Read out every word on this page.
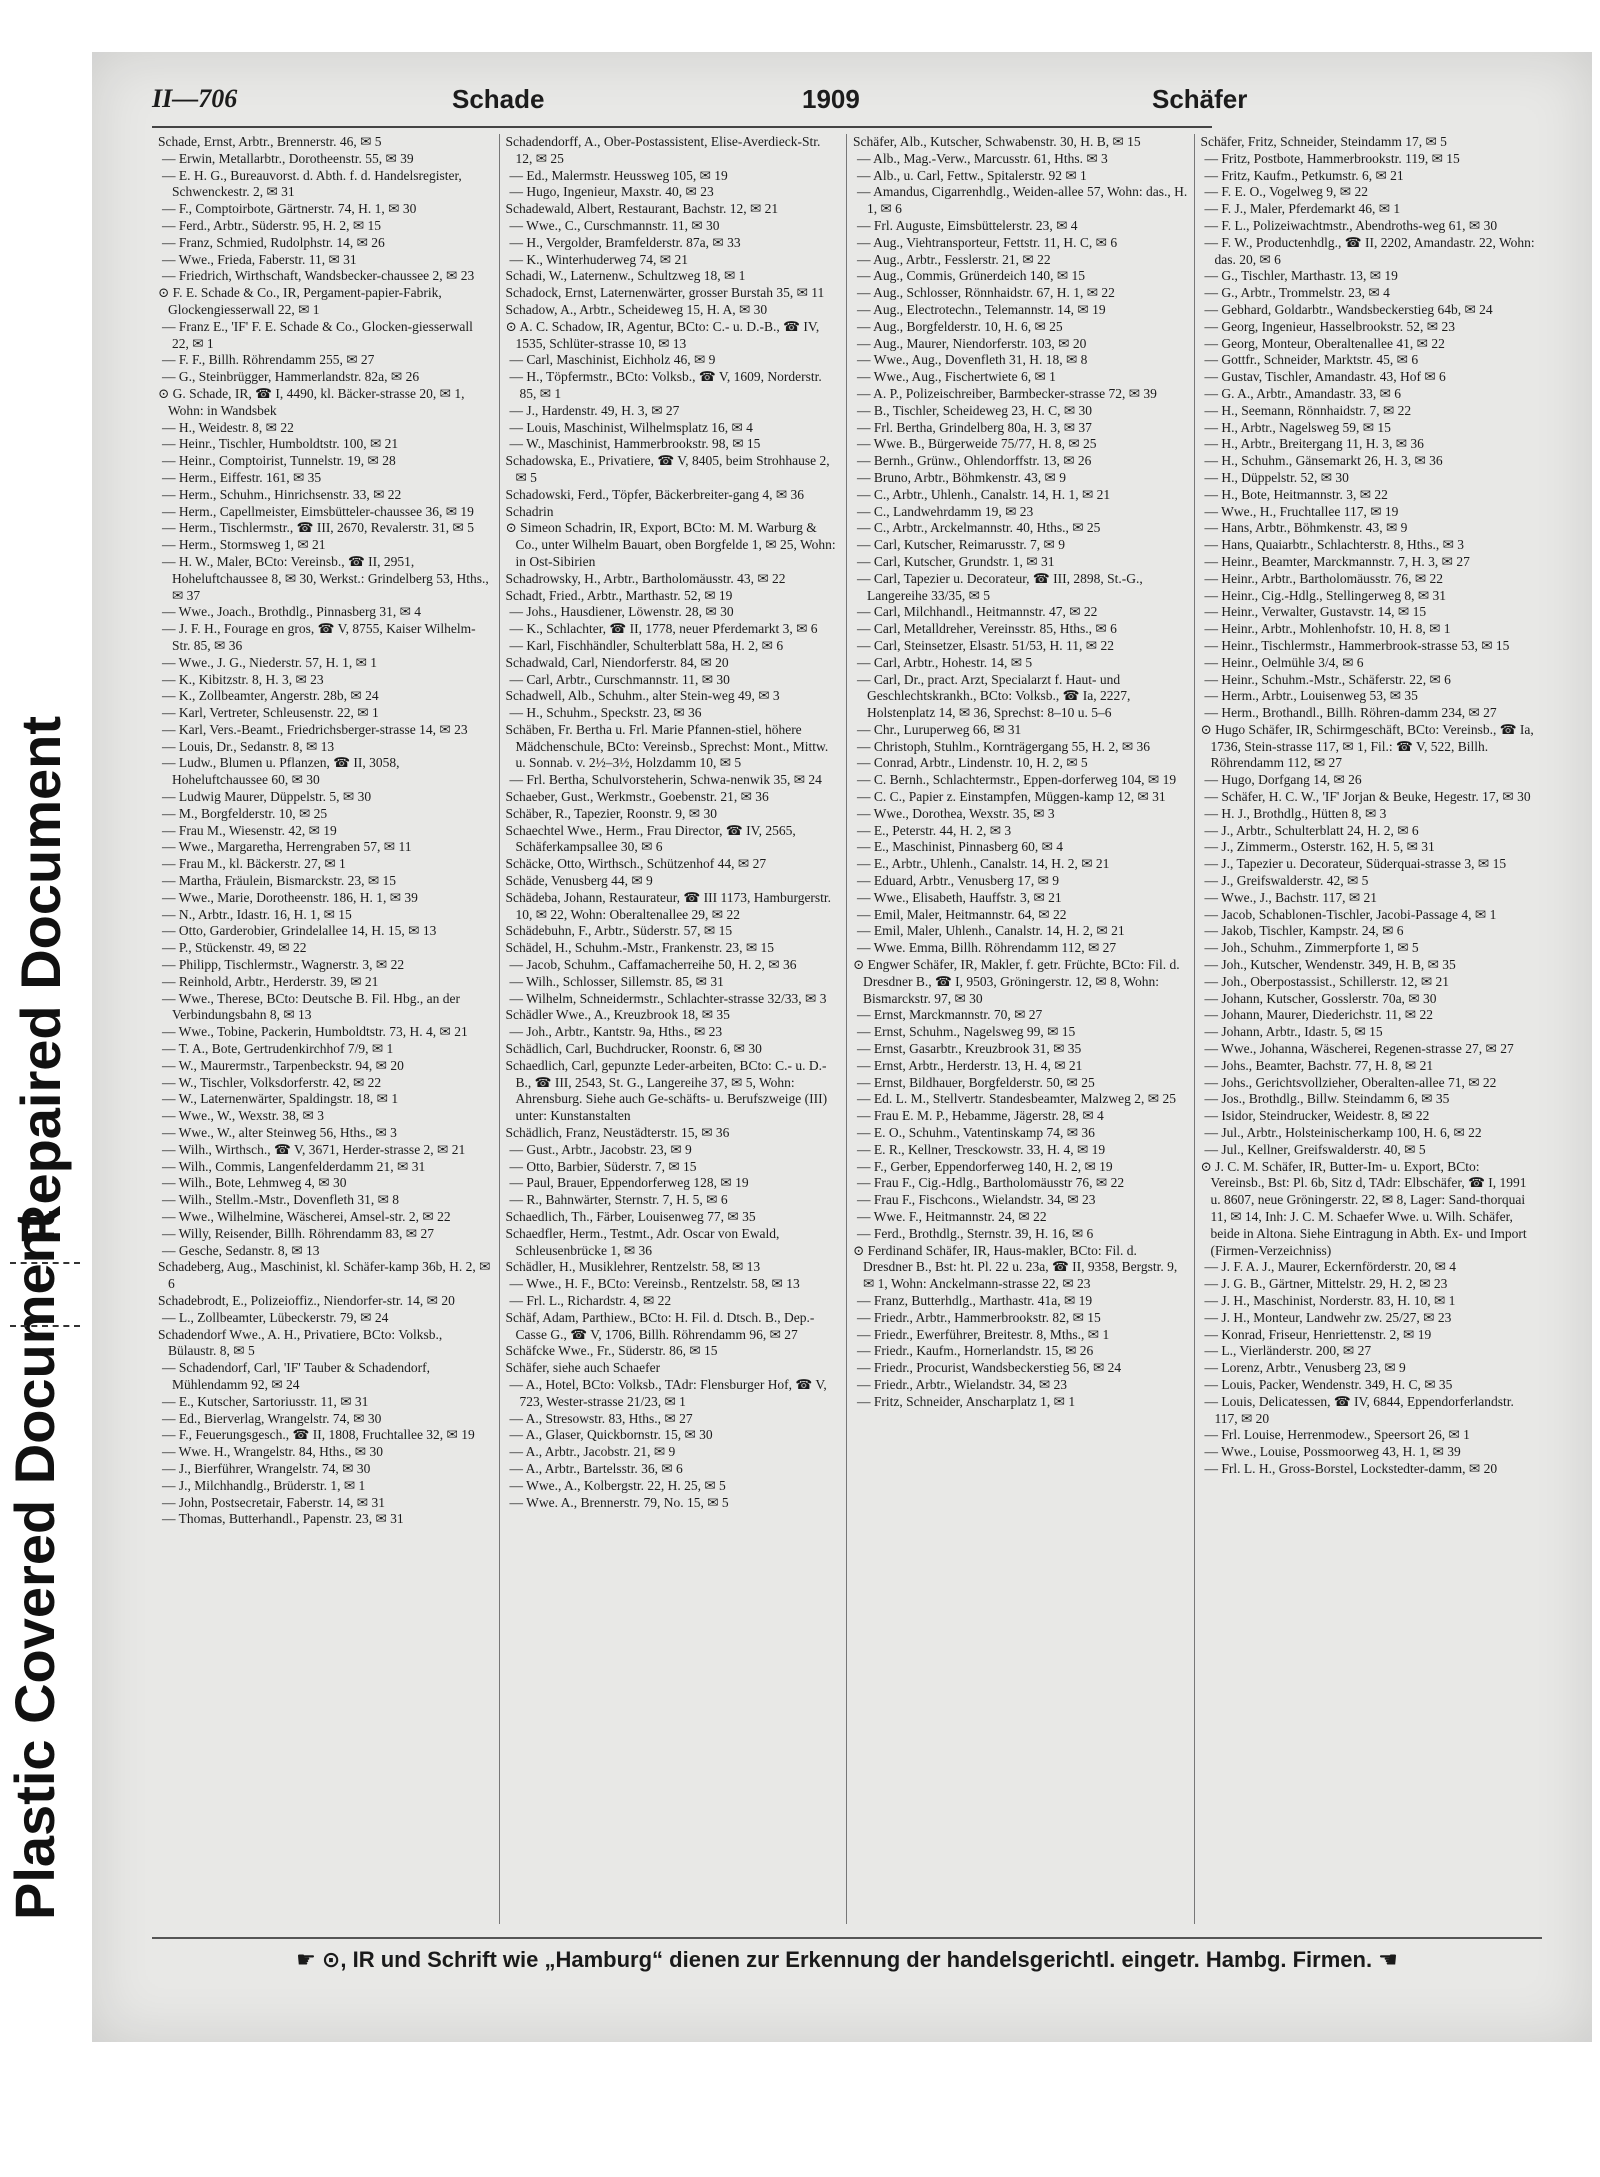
Plastic Covered Document
Repaired Document
II—706	Schade	1909	Schäfer

Schade, Ernst, Arbtr., Brennerstr. 46, ✉ 5

— Erwin, Metallarbtr., Dorotheenstr. 55, ✉ 39

— E. H. G., Bureauvorst. d. Abth. f. d. Handelsregister, Schwenckestr. 2, ✉ 31

— F., Comptoirbote, Gärtnerstr. 74, H. 1, ✉ 30

— Ferd., Arbtr., Süderstr. 95, H. 2, ✉ 15

— Franz, Schmied, Rudolphstr. 14, ✉ 26

— Wwe., Frieda, Faberstr. 11, ✉ 31

— Friedrich, Wirthschaft, Wandsbecker-chaussee 2, ✉ 23

⊙ F. E. Schade & Co., IR, Pergament-papier-Fabrik, Glockengiesserwall 22, ✉ 1

— Franz E., 'IF' F. E. Schade & Co., Glocken-giesserwall 22, ✉ 1

— F. F., Billh. Röhrendamm 255, ✉ 27

— G., Steinbrügger, Hammerlandstr. 82a, ✉ 26

⊙ G. Schade, IR, ☎ I, 4490, kl. Bäcker-strasse 20, ✉ 1, Wohn: in Wandsbek

— H., Weidestr. 8, ✉ 22

— Heinr., Tischler, Humboldtstr. 100, ✉ 21

— Heinr., Comptoirist, Tunnelstr. 19, ✉ 28

— Herm., Eiffestr. 161, ✉ 35

— Herm., Schuhm., Hinrichsenstr. 33, ✉ 22

— Herm., Capellmeister, Eimsbütteler-chaussee 36, ✉ 19

— Herm., Tischlermstr., ☎ III, 2670, Revalerstr. 31, ✉ 5

— Herm., Stormsweg 1, ✉ 21

— H. W., Maler, BCto: Vereinsb., ☎ II, 2951, Hoheluftchaussee 8, ✉ 30, Werkst.: Grindelberg 53, Hths., ✉ 37

— Wwe., Joach., Brothdlg., Pinnasberg 31, ✉ 4

— J. F. H., Fourage en gros, ☎ V, 8755, Kaiser Wilhelm-Str. 85, ✉ 36

— Wwe., J. G., Niederstr. 57, H. 1, ✉ 1

— K., Kibitzstr. 8, H. 3, ✉ 23

— K., Zollbeamter, Angerstr. 28b, ✉ 24

— Karl, Vertreter, Schleusenstr. 22, ✉ 1

— Karl, Vers.-Beamt., Friedrichsberger-strasse 14, ✉ 23

— Louis, Dr., Sedanstr. 8, ✉ 13

— Ludw., Blumen u. Pflanzen, ☎ II, 3058, Hoheluftchaussee 60, ✉ 30

— Ludwig Maurer, Düppelstr. 5, ✉ 30

— M., Borgfelderstr. 10, ✉ 25

— Frau M., Wiesenstr. 42, ✉ 19

— Wwe., Margaretha, Herrengraben 57, ✉ 11

— Frau M., kl. Bäckerstr. 27, ✉ 1

— Martha, Fräulein, Bismarckstr. 23, ✉ 15

— Wwe., Marie, Dorotheenstr. 186, H. 1, ✉ 39

— N., Arbtr., Idastr. 16, H. 1, ✉ 15

— Otto, Garderobier, Grindelallee 14, H. 15, ✉ 13

— P., Stückenstr. 49, ✉ 22

— Philipp, Tischlermstr., Wagnerstr. 3, ✉ 22

— Reinhold, Arbtr., Herderstr. 39, ✉ 21

— Wwe., Therese, BCto: Deutsche B. Fil. Hbg., an der Verbindungsbahn 8, ✉ 13

— Wwe., Tobine, Packerin, Humboldtstr. 73, H. 4, ✉ 21

— T. A., Bote, Gertrudenkirchhof 7/9, ✉ 1

— W., Maurermstr., Tarpenbeckstr. 94, ✉ 20

— W., Tischler, Volksdorferstr. 42, ✉ 22

— W., Laternenwärter, Spaldingstr. 18, ✉ 1

— Wwe., W., Wexstr. 38, ✉ 3

— Wwe., W., alter Steinweg 56, Hths., ✉ 3

— Wilh., Wirthsch., ☎ V, 3671, Herder-strasse 2, ✉ 21

— Wilh., Commis, Langenfelderdamm 21, ✉ 31

— Wilh., Bote, Lehmweg 4, ✉ 30

— Wilh., Stellm.-Mstr., Dovenfleth 31, ✉ 8

— Wwe., Wilhelmine, Wäscherei, Amsel-str. 2, ✉ 22

— Willy, Reisender, Billh. Röhrendamm 83, ✉ 27

— Gesche, Sedanstr. 8, ✉ 13

Schadeberg, Aug., Maschinist, kl. Schäfer-kamp 36b, H. 2, ✉ 6

Schadebrodt, E., Polizeioffiz., Niendorfer-str. 14, ✉ 20

— L., Zollbeamter, Lübeckerstr. 79, ✉ 24

Schadendorf Wwe., A. H., Privatiere, BCto: Volksb., Bülaustr. 8, ✉ 5

— Schadendorf, Carl, 'IF' Tauber & Schadendorf, Mühlendamm 92, ✉ 24

— E., Kutscher, Sartoriusstr. 11, ✉ 31

— Ed., Bierverlag, Wrangelstr. 74, ✉ 30

— F., Feuerungsgesch., ☎ II, 1808, Fruchtallee 32, ✉ 19

— Wwe. H., Wrangelstr. 84, Hths., ✉ 30

— J., Bierführer, Wrangelstr. 74, ✉ 30

— J., Milchhandlg., Brüderstr. 1, ✉ 1

— John, Postsecretair, Faberstr. 14, ✉ 31

— Thomas, Butterhandl., Papenstr. 23, ✉ 31

Schadendorff, A., Ober-Postassistent, Elise-Averdieck-Str. 12, ✉ 25

— Ed., Malermstr. Heussweg 105, ✉ 19

— Hugo, Ingenieur, Maxstr. 40, ✉ 23

Schadewald, Albert, Restaurant, Bachstr. 12, ✉ 21

— Wwe., C., Curschmannstr. 11, ✉ 30

— H., Vergolder, Bramfelderstr. 87a, ✉ 33

— K., Winterhuderweg 74, ✉ 21

Schadi, W., Laternenw., Schultzweg 18, ✉ 1

Schadock, Ernst, Laternenwärter, grosser Burstah 35, ✉ 11

Schadow, A., Arbtr., Scheideweg 15, H. A, ✉ 30

⊙ A. C. Schadow, IR, Agentur, BCto: C.- u. D.-B., ☎ IV, 1535, Schlüter-strasse 10, ✉ 13

— Carl, Maschinist, Eichholz 46, ✉ 9

— H., Töpfermstr., BCto: Volksb., ☎ V, 1609, Norderstr. 85, ✉ 1

— J., Hardenstr. 49, H. 3, ✉ 27

— Louis, Maschinist, Wilhelmsplatz 16, ✉ 4

— W., Maschinist, Hammerbrookstr. 98, ✉ 15

Schadowska, E., Privatiere, ☎ V, 8405, beim Strohhause 2, ✉ 5

Schadowski, Ferd., Töpfer, Bäckerbreiter-gang 4, ✉ 36

Schadrin

⊙ Simeon Schadrin, IR, Export, BCto: M. M. Warburg & Co., unter Wilhelm Bauart, oben Borgfelde 1, ✉ 25, Wohn: in Ost-Sibirien

Schadrowsky, H., Arbtr., Bartholomäusstr. 43, ✉ 22

Schadt, Fried., Arbtr., Marthastr. 52, ✉ 19

— Johs., Hausdiener, Löwenstr. 28, ✉ 30

— K., Schlachter, ☎ II, 1778, neuer Pferdemarkt 3, ✉ 6

— Karl, Fischhändler, Schulterblatt 58a, H. 2, ✉ 6

Schadwald, Carl, Niendorferstr. 84, ✉ 20

— Carl, Arbtr., Curschmannstr. 11, ✉ 30

Schadwell, Alb., Schuhm., alter Stein-weg 49, ✉ 3

— H., Schuhm., Speckstr. 23, ✉ 36

Schäben, Fr. Bertha u. Frl. Marie Pfannen-stiel, höhere Mädchenschule, BCto: Vereinsb., Sprechst: Mont., Mittw. u. Sonnab. v. 2½–3½, Holzdamm 10, ✉ 5

— Frl. Bertha, Schulvorsteherin, Schwa-nenwik 35, ✉ 24

Schaeber, Gust., Werkmstr., Goebenstr. 21, ✉ 36

Schäber, R., Tapezier, Roonstr. 9, ✉ 30

Schaechtel Wwe., Herm., Frau Director, ☎ IV, 2565, Schäferkampsallee 30, ✉ 6

Schäcke, Otto, Wirthsch., Schützenhof 44, ✉ 27

Schäde, Venusberg 44, ✉ 9

Schädeba, Johann, Restaurateur, ☎ III 1173, Hamburgerstr. 10, ✉ 22, Wohn: Oberaltenallee 29, ✉ 22

Schädebuhn, F., Arbtr., Süderstr. 57, ✉ 15

Schädel, H., Schuhm.-Mstr., Frankenstr. 23, ✉ 15

— Jacob, Schuhm., Caffamacherreihe 50, H. 2, ✉ 36

— Wilh., Schlosser, Sillemstr. 85, ✉ 31

— Wilhelm, Schneidermstr., Schlachter-strasse 32/33, ✉ 3

Schädler Wwe., A., Kreuzbrook 18, ✉ 35

— Joh., Arbtr., Kantstr. 9a, Hths., ✉ 23

Schädlich, Carl, Buchdrucker, Roonstr. 6, ✉ 30

Schaedlich, Carl, gepunzte Leder-arbeiten, BCto: C.- u. D.-B., ☎ III, 2543, St. G., Langereihe 37, ✉ 5, Wohn: Ahrensburg. Siehe auch Ge-schäfts- u. Berufszweige (III) unter: Kunstanstalten

Schädlich, Franz, Neustädterstr. 15, ✉ 36

— Gust., Arbtr., Jacobstr. 23, ✉ 9

— Otto, Barbier, Süderstr. 7, ✉ 15

— Paul, Brauer, Eppendorferweg 128, ✉ 19

— R., Bahnwärter, Sternstr. 7, H. 5, ✉ 6

Schaedlich, Th., Färber, Louisenweg 77, ✉ 35

Schaedfler, Herm., Testmt., Adr. Oscar von Ewald, Schleusenbrücke 1, ✉ 36

Schädler, H., Musiklehrer, Rentzelstr. 58, ✉ 13

— Wwe., H. F., BCto: Vereinsb., Rentzelstr. 58, ✉ 13

— Frl. L., Richardstr. 4, ✉ 22

Schäf, Adam, Parthiew., BCto: H. Fil. d. Dtsch. B., Dep.-Casse G., ☎ V, 1706, Billh. Röhrendamm 96, ✉ 27

Schäfcke Wwe., Fr., Süderstr. 86, ✉ 15

Schäfer, siehe auch Schaefer

— A., Hotel, BCto: Volksb., TAdr: Flensburger Hof, ☎ V, 723, Wester-strasse 21/23, ✉ 1

— A., Stresowstr. 83, Hths., ✉ 27

— A., Glaser, Quickbornstr. 15, ✉ 30

— A., Arbtr., Jacobstr. 21, ✉ 9

— A., Arbtr., Bartelsstr. 36, ✉ 6

— Wwe., A., Kolbergstr. 22, H. 25, ✉ 5

— Wwe. A., Brennerstr. 79, No. 15, ✉ 5

Schäfer, Alb., Kutscher, Schwabenstr. 30, H. B, ✉ 15

— Alb., Mag.-Verw., Marcusstr. 61, Hths. ✉ 3

— Alb., u. Carl, Fettw., Spitalerstr. 92 ✉ 1

— Amandus, Cigarrenhdlg., Weiden-allee 57, Wohn: das., H. 1, ✉ 6

— Frl. Auguste, Eimsbüttelerstr. 23, ✉ 4

— Aug., Viehtransporteur, Fettstr. 11, H. C, ✉ 6

— Aug., Arbtr., Fesslerstr. 21, ✉ 22

— Aug., Commis, Grünerdeich 140, ✉ 15

— Aug., Schlosser, Rönnhaidstr. 67, H. 1, ✉ 22

— Aug., Electrotechn., Telemannstr. 14, ✉ 19

— Aug., Borgfelderstr. 10, H. 6, ✉ 25

— Aug., Maurer, Niendorferstr. 103, ✉ 20

— Wwe., Aug., Dovenfleth 31, H. 18, ✉ 8

— Wwe., Aug., Fischertwiete 6, ✉ 1

— A. P., Polizeischreiber, Barmbecker-strasse 72, ✉ 39

— B., Tischler, Scheideweg 23, H. C, ✉ 30

— Frl. Bertha, Grindelberg 80a, H. 3, ✉ 37

— Wwe. B., Bürgerweide 75/77, H. 8, ✉ 25

— Bernh., Grünw., Ohlendorffstr. 13, ✉ 26

— Bruno, Arbtr., Böhmkenstr. 43, ✉ 9

— C., Arbtr., Uhlenh., Canalstr. 14, H. 1, ✉ 21

— C., Landwehrdamm 19, ✉ 23

— C., Arbtr., Arckelmannstr. 40, Hths., ✉ 25

— Carl, Kutscher, Reimarusstr. 7, ✉ 9

— Carl, Kutscher, Grundstr. 1, ✉ 31

— Carl, Tapezier u. Decorateur, ☎ III, 2898, St.-G., Langereihe 33/35, ✉ 5

— Carl, Milchhandl., Heitmannstr. 47, ✉ 22

— Carl, Metalldreher, Vereinsstr. 85, Hths., ✉ 6

— Carl, Steinsetzer, Elsastr. 51/53, H. 11, ✉ 22

— Carl, Arbtr., Hohestr. 14, ✉ 5

— Carl, Dr., pract. Arzt, Specialarzt f. Haut- und Geschlechtskrankh., BCto: Volksb., ☎ Ia, 2227, Holstenplatz 14, ✉ 36, Sprechst: 8–10 u. 5–6

— Chr., Luruperweg 66, ✉ 31

— Christoph, Stuhlm., Kornträgergang 55, H. 2, ✉ 36

— Conrad, Arbtr., Lindenstr. 10, H. 2, ✉ 5

— C. Bernh., Schlachtermstr., Eppen-dorferweg 104, ✉ 19

— C. C., Papier z. Einstampfen, Müggen-kamp 12, ✉ 31

— Wwe., Dorothea, Wexstr. 35, ✉ 3

— E., Peterstr. 44, H. 2, ✉ 3

— E., Maschinist, Pinnasberg 60, ✉ 4

— E., Arbtr., Uhlenh., Canalstr. 14, H. 2, ✉ 21

— Eduard, Arbtr., Venusberg 17, ✉ 9

— Wwe., Elisabeth, Hauffstr. 3, ✉ 21

— Emil, Maler, Heitmannstr. 64, ✉ 22

— Emil, Maler, Uhlenh., Canalstr. 14, H. 2, ✉ 21

— Wwe. Emma, Billh. Röhrendamm 112, ✉ 27

⊙ Engwer Schäfer, IR, Makler, f. getr. Früchte, BCto: Fil. d. Dresdner B., ☎ I, 9503, Gröningerstr. 12, ✉ 8, Wohn: Bismarckstr. 97, ✉ 30

— Ernst, Marckmannstr. 70, ✉ 27

— Ernst, Schuhm., Nagelsweg 99, ✉ 15

— Ernst, Gasarbtr., Kreuzbrook 31, ✉ 35

— Ernst, Arbtr., Herderstr. 13, H. 4, ✉ 21

— Ernst, Bildhauer, Borgfelderstr. 50, ✉ 25

— Ed. L. M., Stellvertr. Standesbeamter, Malzweg 2, ✉ 25

— Frau E. M. P., Hebamme, Jägerstr. 28, ✉ 4

— E. O., Schuhm., Vatentinskamp 74, ✉ 36

— E. R., Kellner, Tresckowstr. 33, H. 4, ✉ 19

— F., Gerber, Eppendorferweg 140, H. 2, ✉ 19

— Frau F., Cig.-Hdlg., Bartholomäusstr 76, ✉ 22

— Frau F., Fischcons., Wielandstr. 34, ✉ 23

— Wwe. F., Heitmannstr. 24, ✉ 22

— Ferd., Brothdlg., Sternstr. 39, H. 16, ✉ 6

⊙ Ferdinand Schäfer, IR, Haus-makler, BCto: Fil. d. Dresdner B., Bst: ht. Pl. 22 u. 23a, ☎ II, 9358, Bergstr. 9, ✉ 1, Wohn: Anckelmann-strasse 22, ✉ 23

— Franz, Butterhdlg., Marthastr. 41a, ✉ 19

— Friedr., Arbtr., Hammerbrookstr. 82, ✉ 15

— Friedr., Ewerführer, Breitestr. 8, Mths., ✉ 1

— Friedr., Kaufm., Hornerlandstr. 15, ✉ 26

— Friedr., Procurist, Wandsbeckerstieg 56, ✉ 24

— Friedr., Arbtr., Wielandstr. 34, ✉ 23

— Fritz, Schneider, Anscharplatz 1, ✉ 1

Schäfer, Fritz, Schneider, Steindamm 17, ✉ 5

— Fritz, Postbote, Hammerbrookstr. 119, ✉ 15

— Fritz, Kaufm., Petkumstr. 6, ✉ 21

— F. E. O., Vogelweg 9, ✉ 22

— F. J., Maler, Pferdemarkt 46, ✉ 1

— F. L., Polizeiwachtmstr., Abendroths-weg 61, ✉ 30

— F. W., Productenhdlg., ☎ II, 2202, Amandastr. 22, Wohn: das. 20, ✉ 6

— G., Tischler, Marthastr. 13, ✉ 19

— G., Arbtr., Trommelstr. 23, ✉ 4

— Gebhard, Goldarbtr., Wandsbeckerstieg 64b, ✉ 24

— Georg, Ingenieur, Hasselbrookstr. 52, ✉ 23

— Georg, Monteur, Oberaltenallee 41, ✉ 22

— Gottfr., Schneider, Marktstr. 45, ✉ 6

— Gustav, Tischler, Amandastr. 43, Hof ✉ 6

— G. A., Arbtr., Amandastr. 33, ✉ 6

— H., Seemann, Rönnhaidstr. 7, ✉ 22

— H., Arbtr., Nagelsweg 59, ✉ 15

— H., Arbtr., Breitergang 11, H. 3, ✉ 36

— H., Schuhm., Gänsemarkt 26, H. 3, ✉ 36

— H., Düppelstr. 52, ✉ 30

— H., Bote, Heitmannstr. 3, ✉ 22

— Wwe., H., Fruchtallee 117, ✉ 19

— Hans, Arbtr., Böhmkenstr. 43, ✉ 9

— Hans, Quaiarbtr., Schlachterstr. 8, Hths., ✉ 3

— Heinr., Beamter, Marckmannstr. 7, H. 3, ✉ 27

— Heinr., Arbtr., Bartholomäusstr. 76, ✉ 22

— Heinr., Cig.-Hdlg., Stellingerweg 8, ✉ 31

— Heinr., Verwalter, Gustavstr. 14, ✉ 15

— Heinr., Arbtr., Mohlenhofstr. 10, H. 8, ✉ 1

— Heinr., Tischlermstr., Hammerbrook-strasse 53, ✉ 15

— Heinr., Oelmühle 3/4, ✉ 6

— Heinr., Schuhm.-Mstr., Schäferstr. 22, ✉ 6

— Herm., Arbtr., Louisenweg 53, ✉ 35

— Herm., Brothandl., Billh. Röhren-damm 234, ✉ 27

⊙ Hugo Schäfer, IR, Schirmgeschäft, BCto: Vereinsb., ☎ Ia, 1736, Stein-strasse 117, ✉ 1, Fil.: ☎ V, 522, Billh. Röhrendamm 112, ✉ 27

— Hugo, Dorfgang 14, ✉ 26

— Schäfer, H. C. W., 'IF' Jorjan & Beuke, Hegestr. 17, ✉ 30

— H. J., Brothdlg., Hütten 8, ✉ 3

— J., Arbtr., Schulterblatt 24, H. 2, ✉ 6

— J., Zimmerm., Osterstr. 162, H. 5, ✉ 31

— J., Tapezier u. Decorateur, Süderquai-strasse 3, ✉ 15

— J., Greifswalderstr. 42, ✉ 5

— Wwe., J., Bachstr. 117, ✉ 21

— Jacob, Schablonen-Tischler, Jacobi-Passage 4, ✉ 1

— Jakob, Tischler, Kampstr. 24, ✉ 6

— Joh., Schuhm., Zimmerpforte 1, ✉ 5

— Joh., Kutscher, Wendenstr. 349, H. B, ✉ 35

— Joh., Oberpostassist., Schillerstr. 12, ✉ 21

— Johann, Kutscher, Gosslerstr. 70a, ✉ 30

— Johann, Maurer, Diederichstr. 11, ✉ 22

— Johann, Arbtr., Idastr. 5, ✉ 15

— Wwe., Johanna, Wäscherei, Regenen-strasse 27, ✉ 27

— Johs., Beamter, Bachstr. 77, H. 8, ✉ 21

— Johs., Gerichtsvollzieher, Oberalten-allee 71, ✉ 22

— Jos., Brothdlg., Billw. Steindamm 6, ✉ 35

— Isidor, Steindrucker, Weidestr. 8, ✉ 22

— Jul., Arbtr., Holsteinischerkamp 100, H. 6, ✉ 22

— Jul., Kellner, Greifswalderstr. 40, ✉ 5

⊙ J. C. M. Schäfer, IR, Butter-Im- u. Export, BCto: Vereinsb., Bst: Pl. 6b, Sitz d, TAdr: Elbschäfer, ☎ I, 1991 u. 8607, neue Gröningerstr. 22, ✉ 8, Lager: Sand-thorquai 11, ✉ 14, Inh: J. C. M. Schaefer Wwe. u. Wilh. Schäfer, beide in Altona. Siehe Eintragung in Abth. Ex- und Import (Firmen-Verzeichniss)

— J. F. A. J., Maurer, Eckernförderstr. 20, ✉ 4

— J. G. B., Gärtner, Mittelstr. 29, H. 2, ✉ 23

— J. H., Maschinist, Norderstr. 83, H. 10, ✉ 1

— J. H., Monteur, Landwehr zw. 25/27, ✉ 23

— Konrad, Friseur, Henriettenstr. 2, ✉ 19

— L., Vierländerstr. 200, ✉ 27

— Lorenz, Arbtr., Venusberg 23, ✉ 9

— Louis, Packer, Wendenstr. 349, H. C, ✉ 35

— Louis, Delicatessen, ☎ IV, 6844, Eppendorferlandstr. 117, ✉ 20

— Frl. Louise, Herrenmodew., Speersort 26, ✉ 1

— Wwe., Louise, Possmoorweg 43, H. 1, ✉ 39

— Frl. L. H., Gross-Borstel, Lockstedter-damm, ✉ 20

☛ ⊙, IR und Schrift wie „Hamburg“ dienen zur Erkennung der handelsgerichtl. eingetr. Hambg. Firmen. ☚
